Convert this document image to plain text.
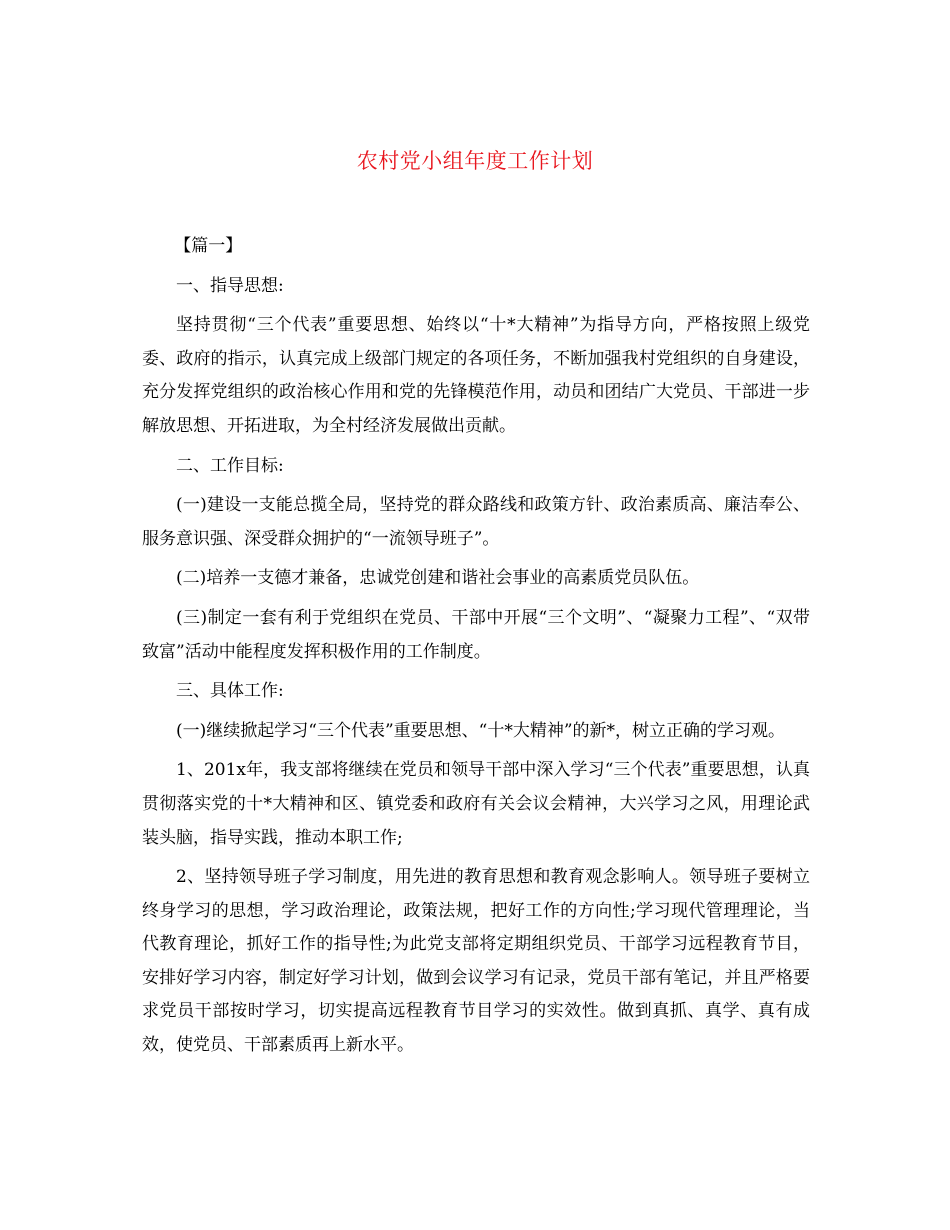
农村党小组年度工作计划

【篇一】

一、指导思想:

坚持贯彻“三个代表”重要思想、始终以“十*大精神”为指导方向，严格按照上级党委、政府的指示，认真完成上级部门规定的各项任务，不断加强我村党组织的自身建设，充分发挥党组织的政治核心作用和党的先锋模范作用，动员和团结广大党员、干部进一步解放思想、开拓进取，为全村经济发展做出贡献。

二、工作目标:

(一)建设一支能总揽全局，坚持党的群众路线和政策方针、政治素质高、廉洁奉公、服务意识强、深受群众拥护的“一流领导班子”。

(二)培养一支德才兼备，忠诚党创建和谐社会事业的高素质党员队伍。

(三)制定一套有利于党组织在党员、干部中开展“三个文明”、“凝聚力工程”、“双带致富”活动中能程度发挥积极作用的工作制度。

三、具体工作:

(一)继续掀起学习“三个代表”重要思想、“十*大精神”的新*，树立正确的学习观。

1、201x年，我支部将继续在党员和领导干部中深入学习“三个代表”重要思想，认真贯彻落实党的十*大精神和区、镇党委和政府有关会议会精神，大兴学习之风，用理论武装头脑，指导实践，推动本职工作;

2、坚持领导班子学习制度，用先进的教育思想和教育观念影响人。领导班子要树立终身学习的思想，学习政治理论，政策法规，把好工作的方向性;学习现代管理理论，当代教育理论，抓好工作的指导性;为此党支部将定期组织党员、干部学习远程教育节目，安排好学习内容，制定好学习计划，做到会议学习有记录，党员干部有笔记，并且严格要求党员干部按时学习，切实提高远程教育节目学习的实效性。做到真抓、真学、真有成效，使党员、干部素质再上新水平。
